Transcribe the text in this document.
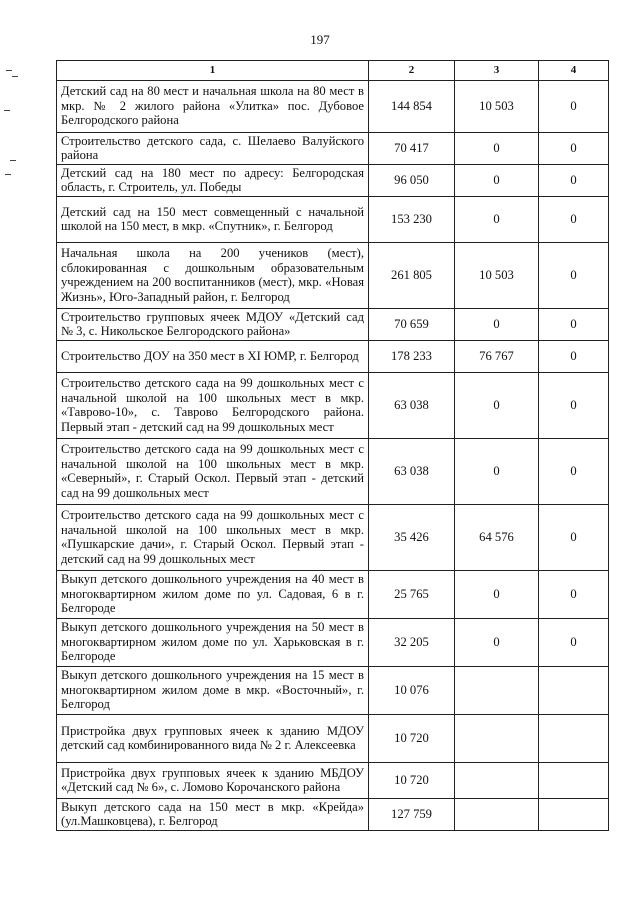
197
1	2	3	4
Детский сад на 80 мест и начальная школа на 80 мест в мкр. № 2 жилого района «Улитка» пос. Дубовое Белгородского района	144 854	10 503	0
Строительство детского сада, с. Шелаево Валуйского района	70 417	0	0
Детский сад на 180 мест по адресу: Белгородская область, г. Строитель, ул. Победы	96 050	0	0
Детский сад на 150 мест совмещенный с начальной школой на 150 мест, в мкр. «Спутник», г. Белгород	153 230	0	0
Начальная школа на 200 учеников (мест), сблокированная с дошкольным образовательным учреждением на 200 воспитанников (мест), мкр. «Новая Жизнь», Юго-Западный район, г. Белгород	261 805	10 503	0
Строительство групповых ячеек МДОУ «Детский сад № 3, с. Никольское Белгородского района»	70 659	0	0
Строительство ДОУ на 350 мест в XI ЮМР, г. Белгород	178 233	76 767	0
Строительство детского сада на 99 дошкольных мест с начальной школой на 100 школьных мест в мкр. «Таврово-10», с. Таврово Белгородского района. Первый этап - детский сад на 99 дошкольных мест	63 038	0	0
Строительство детского сада на 99 дошкольных мест с начальной школой на 100 школьных мест в мкр. «Северный», г. Старый Оскол. Первый этап - детский сад на 99 дошкольных мест	63 038	0	0
Строительство детского сада на 99 дошкольных мест с начальной школой на 100 школьных мест в мкр. «Пушкарские дачи», г. Старый Оскол. Первый этап - детский сад на 99 дошкольных мест	35 426	64 576	0
Выкуп детского дошкольного учреждения на 40 мест в многоквартирном жилом доме по ул. Садовая, 6 в г. Белгороде	25 765	0	0
Выкуп детского дошкольного учреждения на 50 мест в многоквартирном жилом доме по ул. Харьковская в г. Белгороде	32 205	0	0
Выкуп детского дошкольного учреждения на 15 мест в многоквартирном жилом доме в мкр. «Восточный», г. Белгород	10 076		
Пристройка двух групповых ячеек к зданию МДОУ детский сад комбинированного вида № 2 г. Алексеевка	10 720		
Пристройка двух групповых ячеек к зданию МБДОУ «Детский сад № 6», с. Ломово Корочанского района	10 720		
Выкуп детского сада на 150 мест в мкр. «Крейда» (ул.Машковцева), г. Белгород	127 759		
